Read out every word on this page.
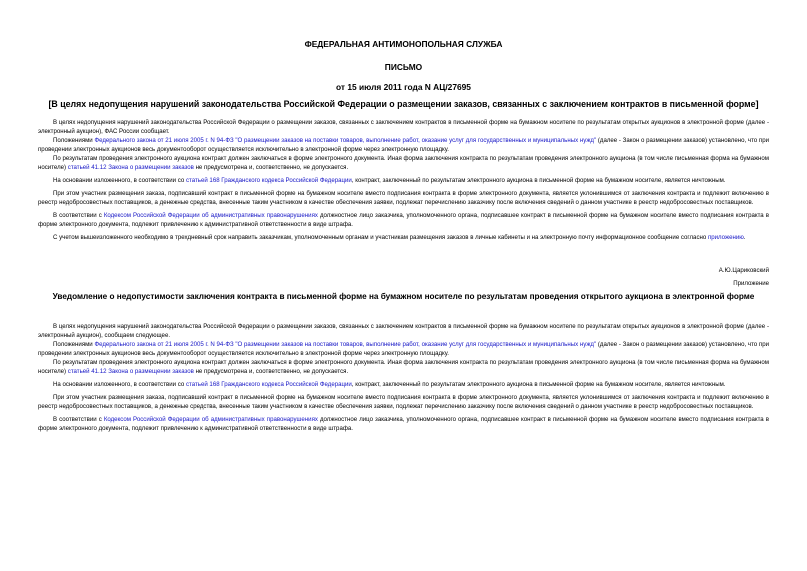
ФЕДЕРАЛЬНАЯ АНТИМОНОПОЛЬНАЯ СЛУЖБА
ПИСЬМО
от 15 июля 2011 года N АЦ/27695
[В целях недопущения нарушений законодательства Российской Федерации о размещении заказов, связанных с заключением контрактов в письменной форме]

В целях недопущения нарушений законодательства Российской Федерации о размещении заказов, связанных с заключением контрактов в письменной форме на бумажном носителе по результатам открытых аукционов в электронной форме (далее - электронный аукцион), ФАС России сообщает.

Положениями Федерального закона от 21 июля 2005 г. N 94-ФЗ "О размещении заказов на поставки товаров, выполнение работ, оказание услуг для государственных и муниципальных нужд" (далее - Закон о размещении заказов) установлено, что при проведении электронных аукционов весь документооборот осуществляется исключительно в электронной форме через электронную площадку.

По результатам проведения электронного аукциона контракт должен заключаться в форме электронного документа. Иная форма заключения контракта по результатам проведения электронного аукциона (в том числе письменная форма на бумажном носителе) статьей 41.12 Закона о размещении заказов не предусмотрена и, соответственно, не допускается.

На основании изложенного, в соответствии со статьей 168 Гражданского кодекса Российской Федерации, контракт, заключенный по результатам электронного аукциона в письменной форме на бумажном носителе, является ничтожным.

При этом участник размещения заказа, подписавший контракт в письменной форме на бумажном носителе вместо подписания контракта в форме электронного документа, является уклонившимся от заключения контракта и подлежит включению в реестр недобросовестных поставщиков, а денежные средства, внесенные таким участником в качестве обеспечения заявки, подлежат перечислению заказчику после включения сведений о данном участнике в реестр недобросовестных поставщиков.

В соответствии с Кодексом Российской Федерации об административных правонарушениях должностное лицо заказчика, уполномоченного органа, подписавшее контракт в письменной форме на бумажном носителе вместо подписания контракта в форме электронного документа, подлежит привлечению к административной ответственности в виде штрафа.

С учетом вышеизложенного необходимо в трехдневный срок направить заказчикам, уполномоченным органам и участникам размещения заказов в личные кабинеты и на электронную почту информационное сообщение согласно приложению.

А.Ю.Цариковский
Приложение
Уведомление о недопустимости заключения контракта в письменной форме на бумажном носителе по результатам проведения открытого аукциона в электронной форме

В целях недопущения нарушений законодательства Российской Федерации о размещении заказов, связанных с заключением контрактов в письменной форме на бумажном носителе по результатам открытых аукционов в электронной форме (далее - электронный аукцион), сообщаем следующее.

Положениями Федерального закона от 21 июля 2005 г. N 94-ФЗ "О размещении заказов на поставки товаров, выполнение работ, оказание услуг для государственных и муниципальных нужд" (далее - Закон о размещении заказов) установлено, что при проведении электронных аукционов весь документооборот осуществляется исключительно в электронной форме через электронную площадку.

По результатам проведения электронного аукциона контракт должен заключаться в форме электронного документа. Иная форма заключения контракта по результатам проведения электронного аукциона (в том числе письменная форма на бумажном носителе) статьей 41.12 Закона о размещении заказов не предусмотрена и, соответственно, не допускается.

На основании изложенного, в соответствии со статьей 168 Гражданского кодекса Российской Федерации, контракт, заключенный по результатам электронного аукциона в письменной форме на бумажном носителе, является ничтожным.

При этом участник размещения заказа, подписавший контракт в письменной форме на бумажном носителе вместо подписания контракта в форме электронного документа, является уклонившимся от заключения контракта и подлежит включению в реестр недобросовестных поставщиков, а денежные средства, внесенные таким участником в качестве обеспечения заявки, подлежат перечислению заказчику после включения сведений о данном участнике в реестр недобросовестных поставщиков.

В соответствии с Кодексом Российской Федерации об административных правонарушениях должностное лицо заказчика, уполномоченного органа, подписавшее контракт в письменной форме на бумажном носителе вместо подписания контракта в форме электронного документа, подлежит привлечению к административной ответственности в виде штрафа.
